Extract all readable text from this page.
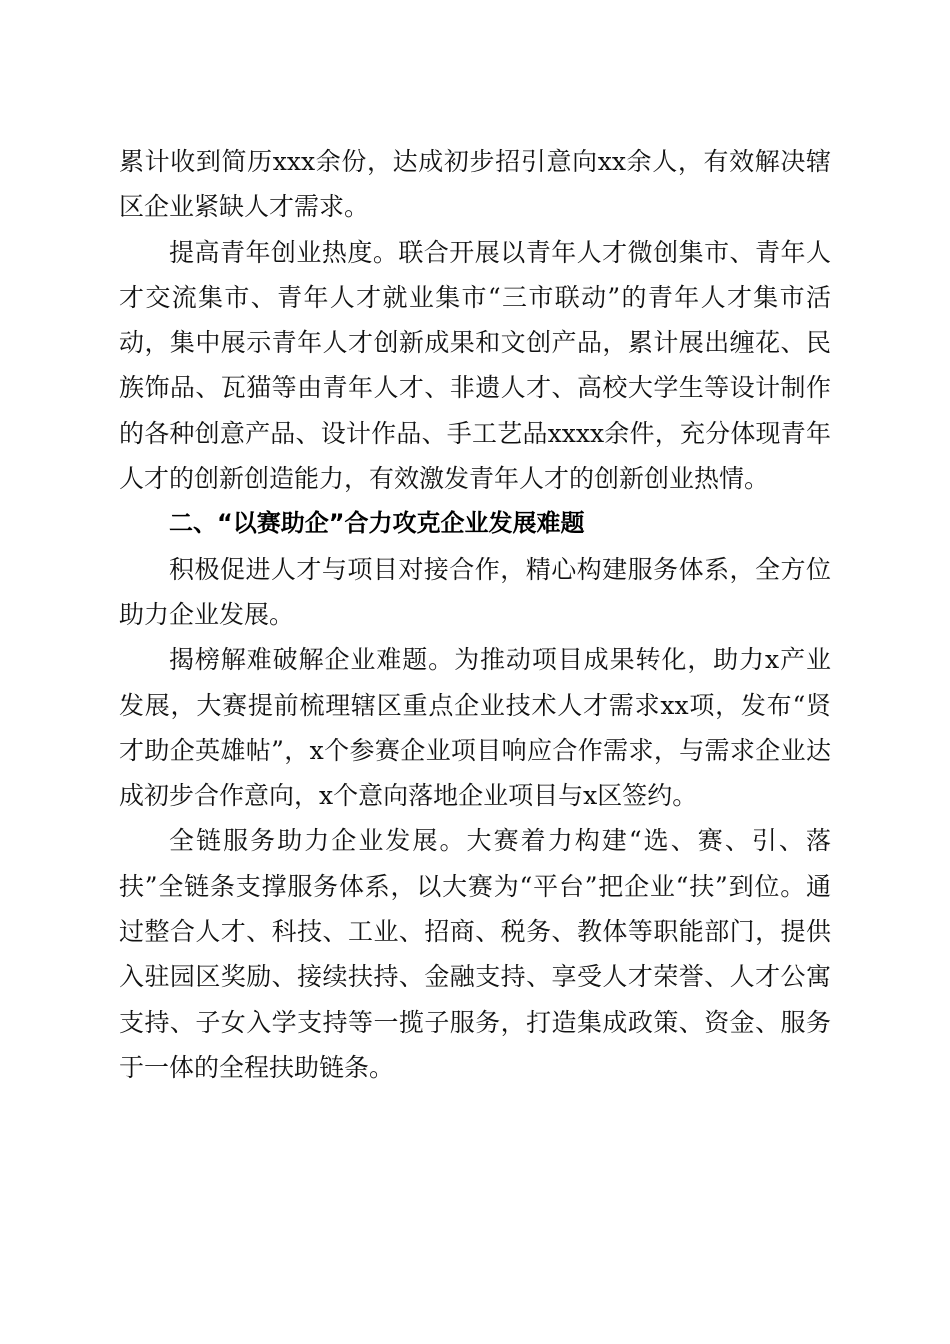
累计收到简历xxx余份，达成初步招引意向xx余人，有效解决辖区企业紧缺人才需求。

提高青年创业热度。联合开展以青年人才微创集市、青年人才交流集市、青年人才就业集市“三市联动”的青年人才集市活动，集中展示青年人才创新成果和文创产品，累计展出缠花、民族饰品、瓦猫等由青年人才、非遗人才、高校大学生等设计制作的各种创意产品、设计作品、手工艺品xxxx余件，充分体现青年人才的创新创造能力，有效激发青年人才的创新创业热情。

二、“以赛助企”合力攻克企业发展难题

积极促进人才与项目对接合作，精心构建服务体系，全方位助力企业发展。

揭榜解难破解企业难题。为推动项目成果转化，助力x产业发展，大赛提前梳理辖区重点企业技术人才需求xx项，发布“贤才助企英雄帖”，x个参赛企业项目响应合作需求，与需求企业达成初步合作意向，x个意向落地企业项目与x区签约。

全链服务助力企业发展。大赛着力构建“选、赛、引、落扶”全链条支撑服务体系，以大赛为“平台”把企业“扶”到位。通过整合人才、科技、工业、招商、税务、教体等职能部门，提供入驻园区奖励、接续扶持、金融支持、享受人才荣誉、人才公寓支持、子女入学支持等一揽子服务，打造集成政策、资金、服务于一体的全程扶助链条。
